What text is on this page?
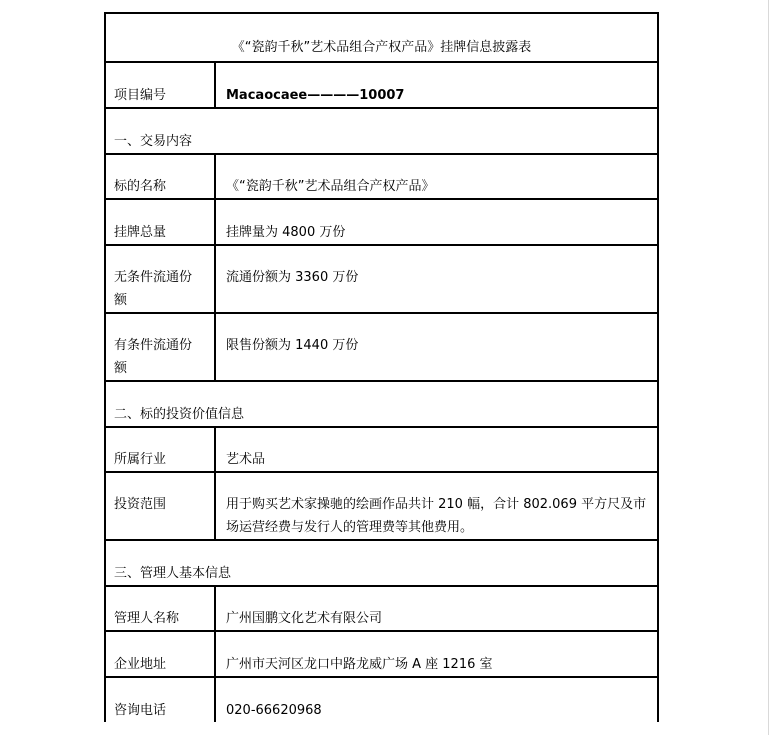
《“瓷韵千秋”艺术品组合产权产品》挂牌信息披露表	
项目编号	Macaocaee————10007
一、交易内容	
标的名称	《“瓷韵千秋”艺术品组合产权产品》
挂牌总量	挂牌量为 4800 万份
无条件流通份额	流通份额为 3360 万份
有条件流通份额	限售份额为 1440 万份
二、标的投资价值信息	
所属行业	艺术品
投资范围	用于购买艺术家操驰的绘画作品共计 210 幅，合计 802.069 平方尺及市场运营经费与发行人的管理费等其他费用。
三、管理人基本信息	
管理人名称	广州国鹏文化艺术有限公司
企业地址	广州市天河区龙口中路龙威广场 A 座 1216 室
咨询电话	020-66620968
